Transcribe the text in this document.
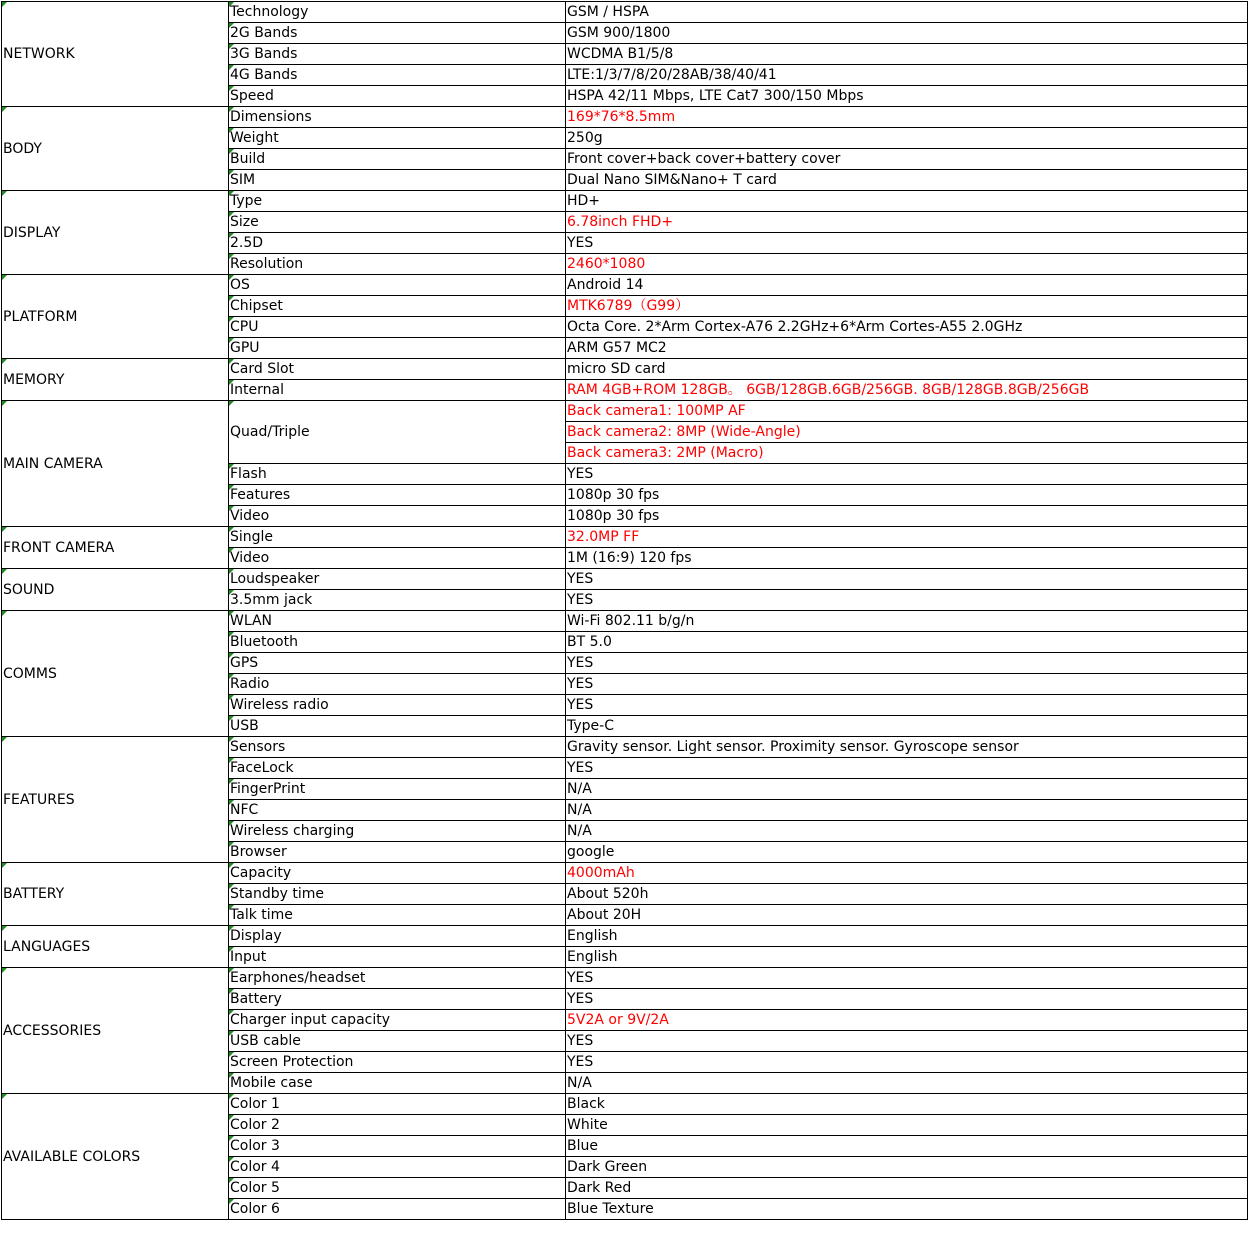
NETWORK	Technology	GSM / HSPA
	2G Bands	GSM 900/1800
	3G Bands	WCDMA B1/5/8
	4G Bands	LTE:1/3/7/8/20/28AB/38/40/41
	Speed	HSPA 42/11 Mbps, LTE Cat7 300/150 Mbps
BODY	Dimensions	169*76*8.5mm
	Weight	250g
	Build	Front cover+back cover+battery cover
	SIM	Dual Nano SIM&Nano+ T card
DISPLAY	Type	HD+
	Size	6.78inch FHD+
	2.5D	YES
	Resolution	2460*1080
PLATFORM	OS	Android 14
	Chipset	MTK6789（G99）
	CPU	Octa Core. 2*Arm Cortex-A76 2.2GHz+6*Arm Cortes-A55 2.0GHz
	GPU	ARM G57 MC2
MEMORY	Card Slot	micro SD card
	Internal	RAM 4GB+ROM 128GB。 6GB/128GB.6GB/256GB. 8GB/128GB.8GB/256GB
MAIN CAMERA	Quad/Triple	Back camera1: 100MP AF
		Back camera2: 8MP (Wide-Angle)
		Back camera3: 2MP (Macro)
	Flash	YES
	Features	1080p 30 fps
	Video	1080p 30 fps
FRONT CAMERA	Single	32.0MP FF
	Video	1M (16:9) 120 fps
SOUND	Loudspeaker	YES
	3.5mm jack	YES
COMMS	WLAN	Wi-Fi 802.11 b/g/n
	Bluetooth	BT 5.0
	GPS	YES
	Radio	YES
	Wireless radio	YES
	USB	Type-C
FEATURES	Sensors	Gravity sensor. Light sensor. Proximity sensor. Gyroscope sensor
	FaceLock	YES
	FingerPrint	N/A
	NFC	N/A
	Wireless charging	N/A
	Browser	google
BATTERY	Capacity	4000mAh
	Standby time	About 520h
	Talk time	About 20H
LANGUAGES	Display	English
	Input	English
ACCESSORIES	Earphones/headset	YES
	Battery	YES
	Charger input capacity	5V2A or 9V/2A
	USB cable	YES
	Screen Protection	YES
	Mobile case	N/A
AVAILABLE COLORS	Color 1	Black
	Color 2	White
	Color 3	Blue
	Color 4	Dark Green
	Color 5	Dark Red
	Color 6	Blue Texture
